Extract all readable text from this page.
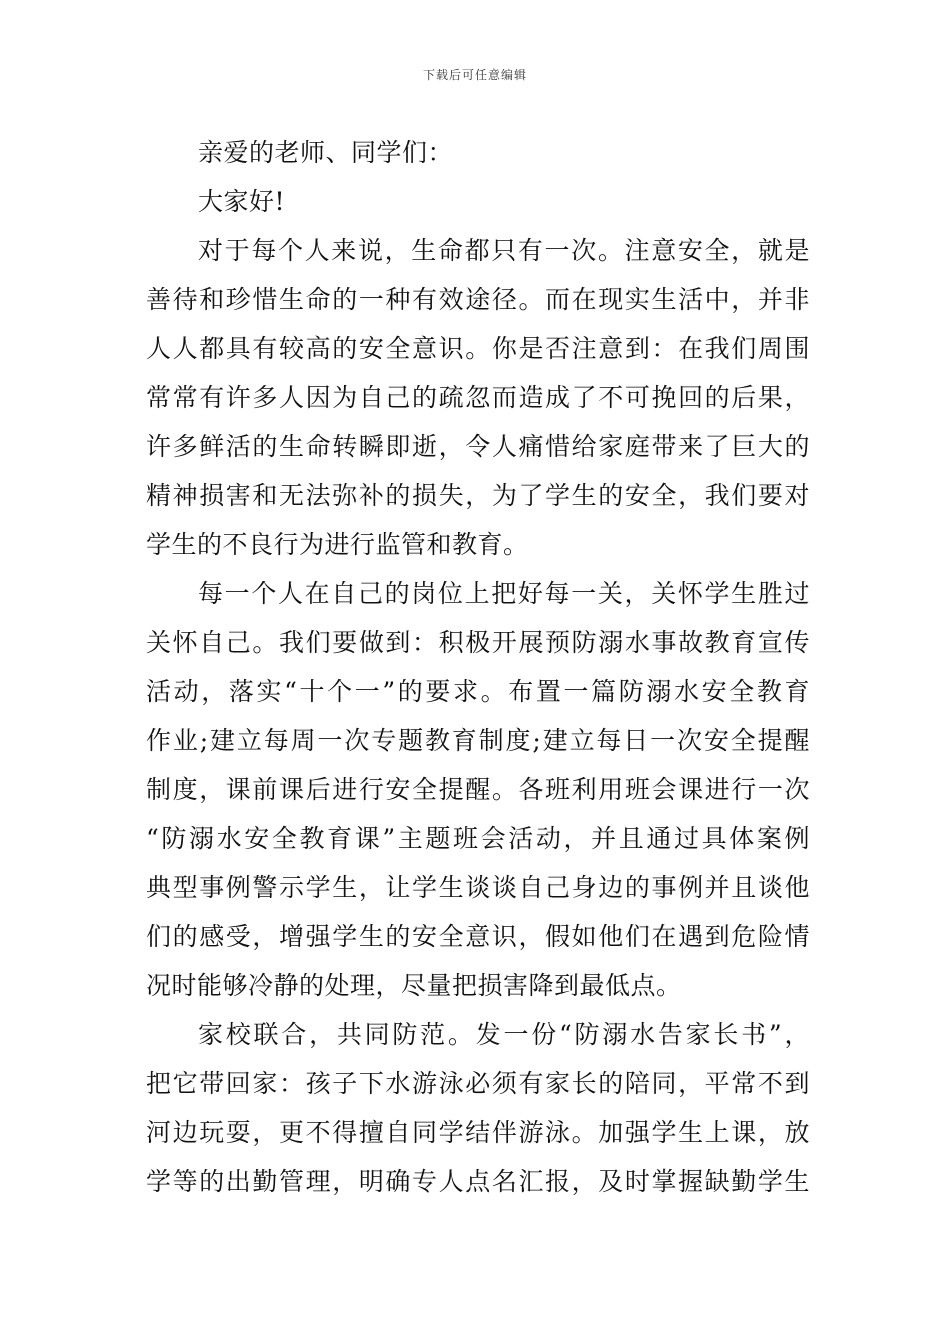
下载后可任意编辑
亲爱的老师、同学们：
大家好!
对于每个人来说，生命都只有一次。注意安全，就是
善待和珍惜生命的一种有效途径。而在现实生活中，并非
人人都具有较高的安全意识。你是否注意到：在我们周围
常常有许多人因为自己的疏忽而造成了不可挽回的后果，
许多鲜活的生命转瞬即逝，令人痛惜给家庭带来了巨大的
精神损害和无法弥补的损失，为了学生的安全，我们要对
学生的不良行为进行监管和教育。
每一个人在自己的岗位上把好每一关，关怀学生胜过
关怀自己。我们要做到：积极开展预防溺水事故教育宣传
活动，落实“十个一”的要求。布置一篇防溺水安全教育
作业;建立每周一次专题教育制度;建立每日一次安全提醒
制度，课前课后进行安全提醒。各班利用班会课进行一次
“防溺水安全教育课”主题班会活动，并且通过具体案例
典型事例警示学生，让学生谈谈自己身边的事例并且谈他
们的感受，增强学生的安全意识，假如他们在遇到危险情
况时能够冷静的处理，尽量把损害降到最低点。
家校联合，共同防范。发一份“防溺水告家长书”，
把它带回家：孩子下水游泳必须有家长的陪同，平常不到
河边玩耍，更不得擅自同学结伴游泳。加强学生上课，放
学等的出勤管理，明确专人点名汇报，及时掌握缺勤学生
